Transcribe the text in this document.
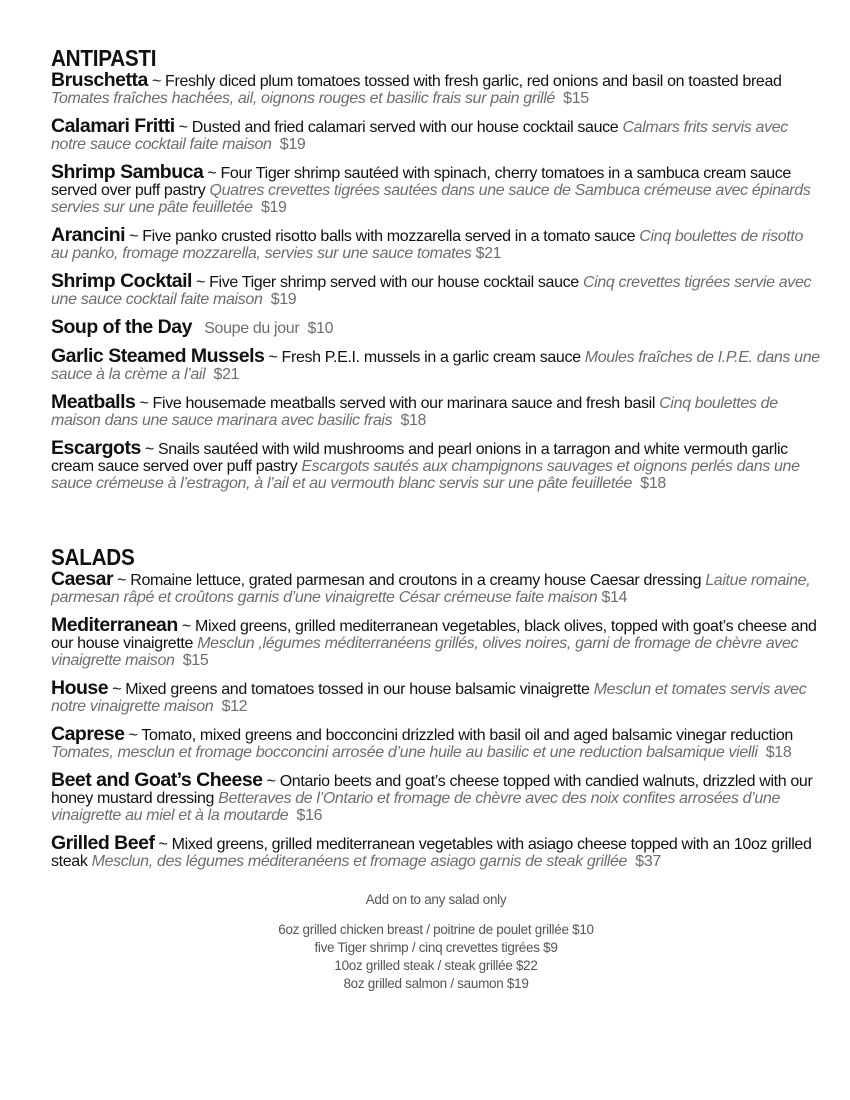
ANTIPASTI

Bruschetta ~ Freshly diced plum tomatoes tossed with fresh garlic, red onions and basil on toasted bread Tomates fraîches hachées, ail, oignons rouges et basilic frais sur pain grillé $15

Calamari Fritti ~ Dusted and fried calamari served with our house cocktail sauce Calmars frits servis avec notre sauce cocktail faite maison $19

Shrimp Sambuca ~ Four Tiger shrimp sautéed with spinach, cherry tomatoes in a sambuca cream sauce served over puff pastry Quatres crevettes tigrées sautées dans une sauce de Sambuca crémeuse avec épinards servies sur une pâte feuilletée $19

Arancini ~ Five panko crusted risotto balls with mozzarella served in a tomato sauce Cinq boulettes de risotto au panko, fromage mozzarella, servies sur une sauce tomates $21

Shrimp Cocktail ~ Five Tiger shrimp served with our house cocktail sauce Cinq crevettes tigrées servie avec une sauce cocktail faite maison $19

Soup of the Day Soupe du jour $10

Garlic Steamed Mussels ~ Fresh P.E.I. mussels in a garlic cream sauce Moules fraîches de I.P.E. dans une sauce à la crème a l’ail $21

Meatballs ~ Five housemade meatballs served with our marinara sauce and fresh basil Cinq boulettes de maison dans une sauce marinara avec basilic frais $18

Escargots ~ Snails sautéed with wild mushrooms and pearl onions in a tarragon and white vermouth garlic cream sauce served over puff pastry Escargots sautés aux champignons sauvages et oignons perlés dans une sauce crémeuse à l’estragon, à l’ail et au vermouth blanc servis sur une pâte feuilletée $18

SALADS

Caesar ~ Romaine lettuce, grated parmesan and croutons in a creamy house Caesar dressing Laitue romaine, parmesan râpé et croûtons garnis d’une vinaigrette César crémeuse faite maison $14

Mediterranean ~ Mixed greens, grilled mediterranean vegetables, black olives, topped with goat’s cheese and our house vinaigrette Mesclun ,légumes méditerranéens grillés, olives noires, garni de fromage de chèvre avec vinaigrette maison $15

House ~ Mixed greens and tomatoes tossed in our house balsamic vinaigrette Mesclun et tomates servis avec notre vinaigrette maison $12

Caprese ~ Tomato, mixed greens and bocconcini drizzled with basil oil and aged balsamic vinegar reduction Tomates, mesclun et fromage bocconcini arrosée d’une huile au basilic et une reduction balsamique vielli $18

Beet and Goat’s Cheese ~ Ontario beets and goat’s cheese topped with candied walnuts, drizzled with our honey mustard dressing Betteraves de l’Ontario et fromage de chèvre avec des noix confites arrosées d’une vinaigrette au miel et à la moutarde $16

Grilled Beef ~ Mixed greens, grilled mediterranean vegetables with asiago cheese topped with an 10oz grilled steak Mesclun, des légumes méditeranéens et fromage asiago garnis de steak grillée $37

Add on to any salad only
6oz grilled chicken breast / poitrine de poulet grillée $10
five Tiger shrimp / cinq crevettes tigrées $9
10oz grilled steak / steak grillée $22
8oz grilled salmon / saumon $19
